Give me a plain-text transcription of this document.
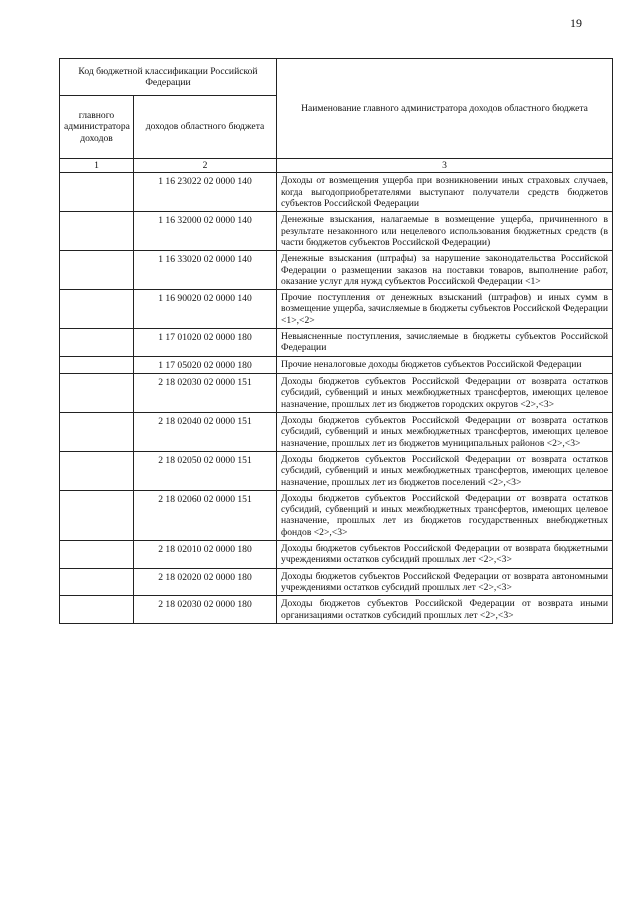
19
Код бюджетной классификации Российской Федерации		Наименование главного администратора доходов областного бюджета
главного администратора доходов	доходов областного бюджета	
1	2	3
	1 16 23022 02 0000 140	Доходы от возмещения ущерба при возникновении иных страховых случаев, когда выгодоприобретателями выступают получатели средств бюджетов субъектов Российской Федерации
	1 16 32000 02 0000 140	Денежные взыскания, налагаемые в возмещение ущерба, причиненного в результате незаконного или нецелевого использования бюджетных средств (в части бюджетов субъектов Российской Федерации)
	1 16 33020 02 0000 140	Денежные взыскания (штрафы) за нарушение законодательства Российской Федерации о размещении заказов на поставки товаров, выполнение работ, оказание услуг для нужд субъектов Российской Федерации <1>
	1 16 90020 02 0000 140	Прочие поступления от денежных взысканий (штрафов) и иных сумм в возмещение ущерба, зачисляемые в бюджеты субъектов Российской Федерации <1>,<2>
	1 17 01020 02 0000 180	Невыясненные поступления, зачисляемые в бюджеты субъектов Российской Федерации
	1 17 05020 02 0000 180	Прочие неналоговые доходы бюджетов субъектов Российской Федерации
	2 18 02030 02 0000 151	Доходы бюджетов субъектов Российской Федерации от возврата остатков субсидий, субвенций и иных межбюджетных трансфертов, имеющих целевое назначение, прошлых лет из бюджетов городских округов <2>,<3>
	2 18 02040 02 0000 151	Доходы бюджетов субъектов Российской Федерации от возврата остатков субсидий, субвенций и иных межбюджетных трансфертов, имеющих целевое назначение, прошлых лет из бюджетов муниципальных районов <2>,<3>
	2 18 02050 02 0000 151	Доходы бюджетов субъектов Российской Федерации от возврата остатков субсидий, субвенций и иных межбюджетных трансфертов, имеющих целевое назначение, прошлых лет из бюджетов поселений <2>,<3>
	2 18 02060 02 0000 151	Доходы бюджетов субъектов Российской Федерации от возврата остатков субсидий, субвенций и иных межбюджетных трансфертов, имеющих целевое назначение, прошлых лет из бюджетов государственных внебюджетных фондов <2>,<3>
	2 18 02010 02 0000 180	Доходы бюджетов субъектов Российской Федерации от возврата бюджетными учреждениями остатков субсидий прошлых лет <2>,<3>
	2 18 02020 02 0000 180	Доходы бюджетов субъектов Российской Федерации от возврата автономными учреждениями остатков субсидий прошлых лет <2>,<3>
	2 18 02030 02 0000 180	Доходы бюджетов субъектов Российской Федерации от возврата иными организациями остатков субсидий прошлых лет <2>,<3>
